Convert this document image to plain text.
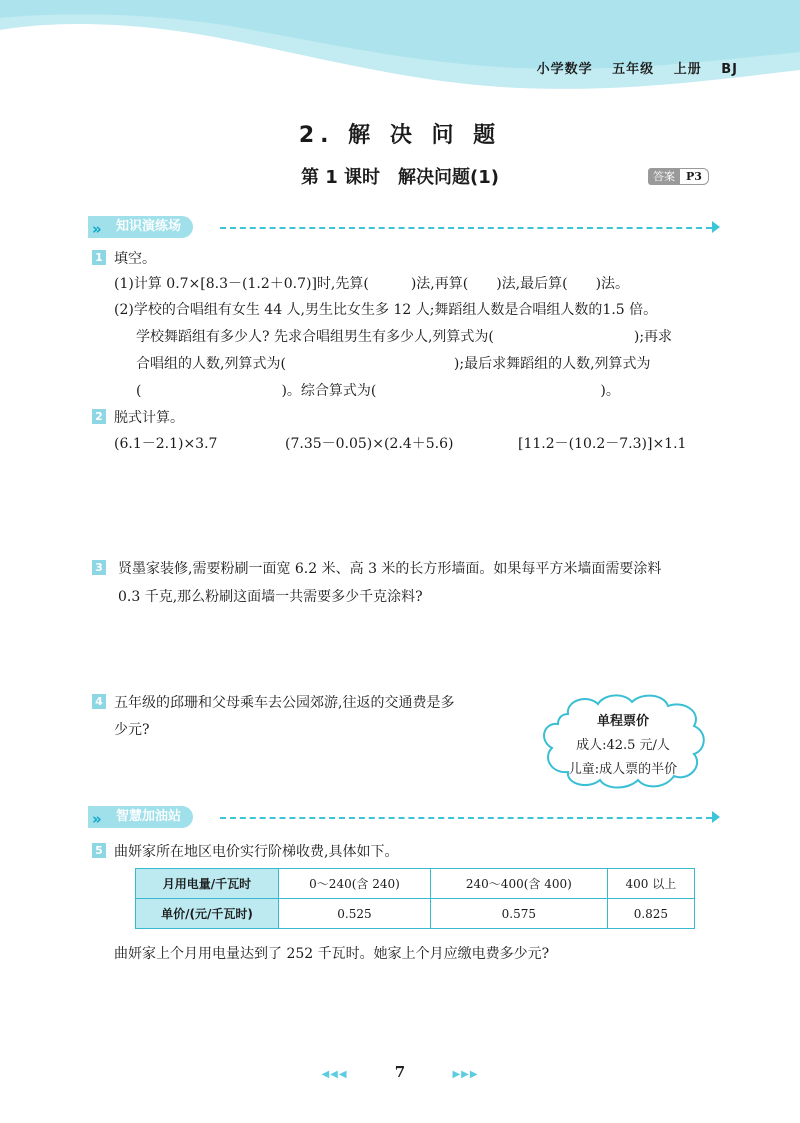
小学数学 五年级 上册 BJ
2. 解 决 问 题
第 1 课时　解决问题(1)	答案	P3
» 知识演练场
1 填空。
(1)计算 0.7×[8.3－(1.2＋0.7)]时,先算(　　　)法,再算(　　)法,最后算(　　)法。
(2)学校的合唱组有女生 44 人,男生比女生多 12 人;舞蹈组人数是合唱组人数的1.5 倍。
学校舞蹈组有多少人? 先求合唱组男生有多少人,列算式为(　　　　　　　　　　);再求
合唱组的人数,列算式为(　　　　　　　　　　　　);最后求舞蹈组的人数,列算式为
(　　　　　　　　　　)。综合算式为(　　　　　　　　　　　　　　　　)。
2 脱式计算。
(6.1－2.1)×3.7	(7.35－0.05)×(2.4＋5.6)	[11.2－(10.2－7.3)]×1.1
3 贤墨家装修,需要粉刷一面宽 6.2 米、高 3 米的长方形墙面。如果每平方米墙面需要涂料
0.3 千克,那么粉刷这面墙一共需要多少千克涂料?
4 五年级的邱珊和父母乘车去公园郊游,往返的交通费是多
少元?
单程票价
成人:42.5 元/人
儿童:成人票的半价
» 智慧加油站
5 曲妍家所在地区电价实行阶梯收费,具体如下。
月用电量/千瓦时	0～240(含 240)	240～400(含 400)	400 以上
单价/(元/千瓦时)	0.525	0.575	0.825
曲妍家上个月用电量达到了 252 千瓦时。她家上个月应缴电费多少元?
◀◀◀	7	▶▶▶
